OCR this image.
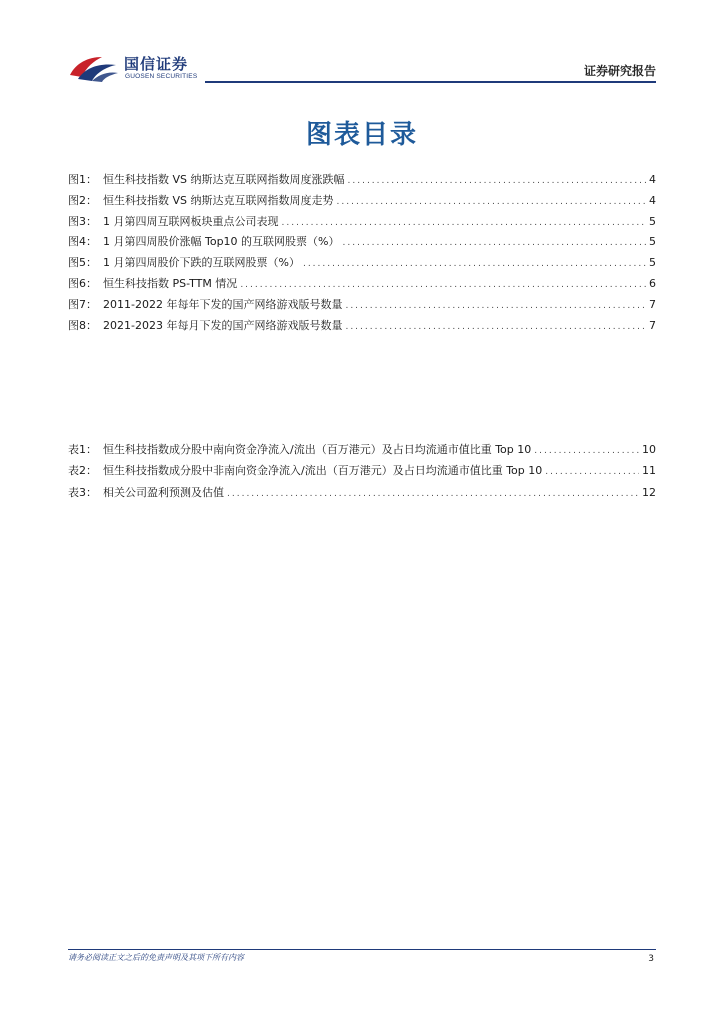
国信证券
GUOSEN SECURITIES	证券研究报告
图表目录
图1： 恒生科技指数 VS 纳斯达克互联网指数周度涨跌幅 .....	4
图2： 恒生科技指数 VS 纳斯达克互联网指数周度走势 .....	4
图3： 1 月第四周互联网板块重点公司表现 .....	5
图4： 1 月第四周股价涨幅 Top10 的互联网股票（%） .....	5
图5： 1 月第四周股价下跌的互联网股票（%） .....	5
图6： 恒生科技指数 PS-TTM 情况 .....	6
图7： 2011-2022 年每年下发的国产网络游戏版号数量 .....	7
图8： 2021-2023 年每月下发的国产网络游戏版号数量 .....	7
表1： 恒生科技指数成分股中南向资金净流入/流出（百万港元）及占日均流通市值比重 Top 10 .....	10
表2： 恒生科技指数成分股中非南向资金净流入/流出（百万港元）及占日均流通市值比重 Top 10 .....	11
表3： 相关公司盈利预测及估值 .....	12
请务必阅读正文之后的免责声明及其项下所有内容	3
